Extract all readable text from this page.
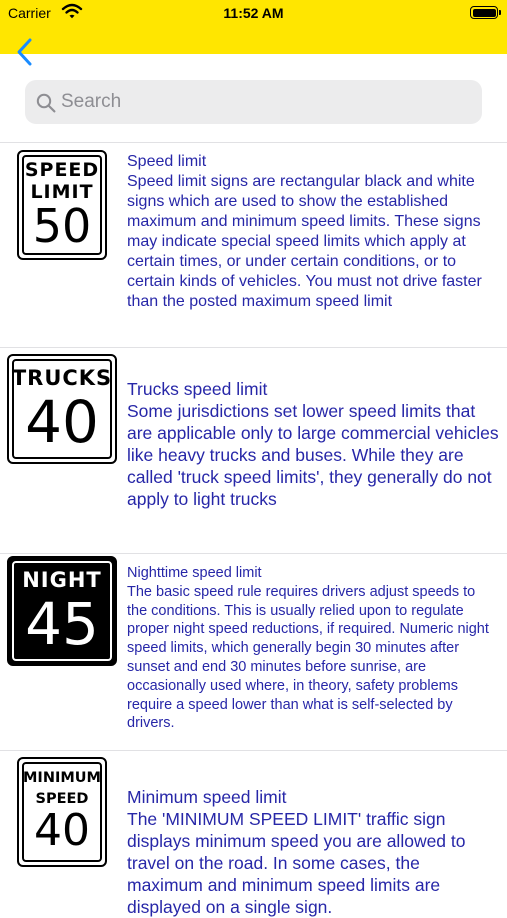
Carrier	11:52 AM
Search
SPEED
LIMIT
50
Speed limit
Speed limit signs are rectangular black and white signs which are used to show the established maximum and minimum speed limits. These signs may indicate special speed limits which apply at certain times, or under certain conditions, or to certain kinds of vehicles. You must not drive faster than the posted maximum speed limit
TRUCKS
40 Trucks speed limit
Some jurisdictions set lower speed limits that are applicable only to large commercial vehicles like heavy trucks and buses. While they are called 'truck speed limits', they generally do not apply to light trucks
NIGHT
45
Nighttime speed limit
The basic speed rule requires drivers adjust speeds to the conditions. This is usually relied upon to regulate proper night speed reductions, if required. Numeric night speed limits, which generally begin 30 minutes after sunset and end 30 minutes before sunrise, are occasionally used where, in theory, safety problems require a speed lower than what is self-selected by drivers.
MINIMUM
SPEED
40
Minimum speed limit
The 'MINIMUM SPEED LIMIT' traffic sign displays minimum speed you are allowed to travel on the road. In some cases, the maximum and minimum speed limits are displayed on a single sign.
